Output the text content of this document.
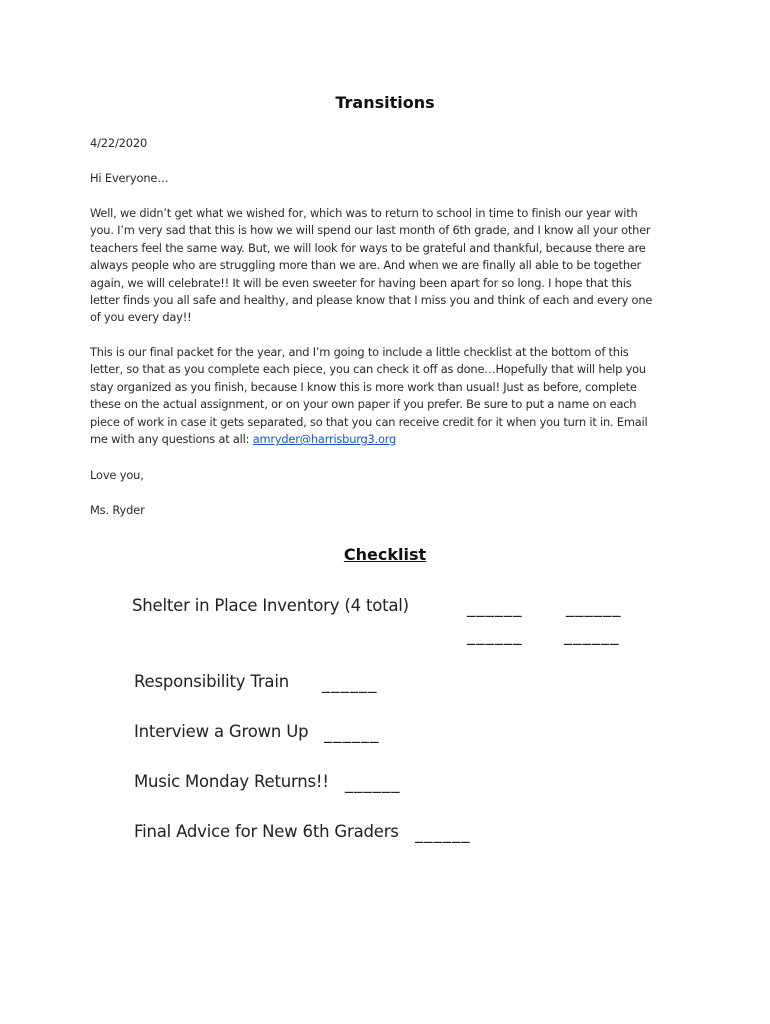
Transitions
4/22/2020
Hi Everyone…
Well, we didn’t get what we wished for, which was to return to school in time to finish our year with
you. I’m very sad that this is how we will spend our last month of 6th grade, and I know all your other
teachers feel the same way. But, we will look for ways to be grateful and thankful, because there are
always people who are struggling more than we are. And when we are finally all able to be together
again, we will celebrate!! It will be even sweeter for having been apart for so long. I hope that this
letter finds you all safe and healthy, and please know that I miss you and think of each and every one
of you every day!!
This is our final packet for the year, and I’m going to include a little checklist at the bottom of this
letter, so that as you complete each piece, you can check it off as done…Hopefully that will help you
stay organized as you finish, because I know this is more work than usual! Just as before, complete
these on the actual assignment, or on your own paper if you prefer. Be sure to put a name on each
piece of work in case it gets separated, so that you can receive credit for it when you turn it in. Email
me with any questions at all: amryder@harrisburg3.org
Love you,
Ms. Ryder
Checklist
Shelter in Place Inventory (4 total)	______	______
______	______
Responsibility Train ______
Interview a Grown Up ______
Music Monday Returns!! ______
Final Advice for New 6th Graders ______
